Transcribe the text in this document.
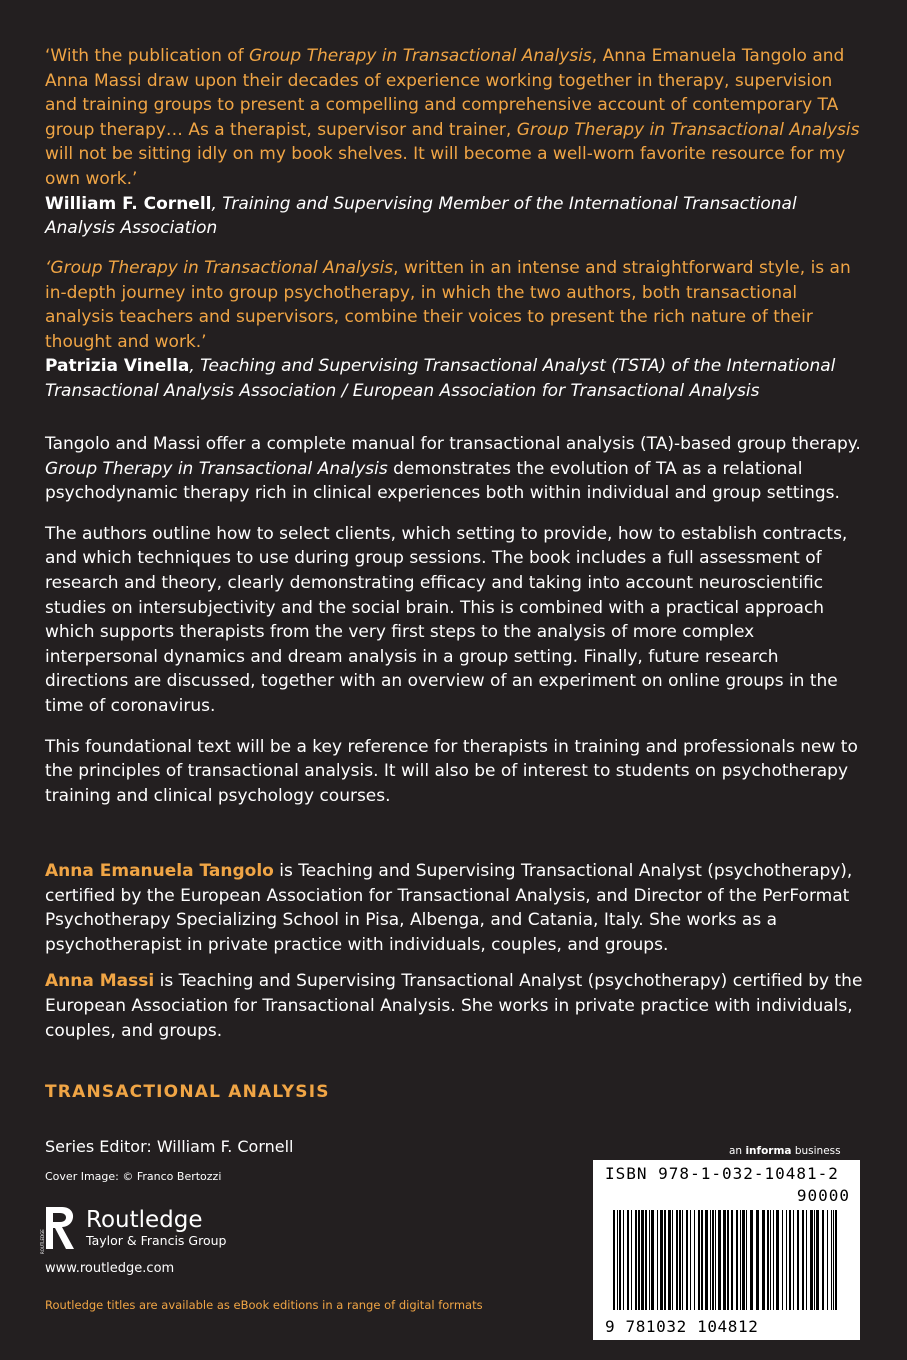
‘With the publication of Group Therapy in Transactional Analysis, Anna Emanuela Tangolo and Anna Massi draw upon their decades of experience working together in therapy, supervision and training groups to present a compelling and comprehensive account of contemporary TA group therapy… As a therapist, supervisor and trainer, Group Therapy in Transactional Analysis will not be sitting idly on my book shelves. It will become a well-worn favorite resource for my own work.’

William F. Cornell, Training and Supervising Member of the International Transactional Analysis Association

‘Group Therapy in Transactional Analysis, written in an intense and straightforward style, is an in-depth journey into group psychotherapy, in which the two authors, both transactional analysis teachers and supervisors, combine their voices to present the rich nature of their thought and work.’

Patrizia Vinella, Teaching and Supervising Transactional Analyst (TSTA) of the International Transactional Analysis Association / European Association for Transactional Analysis

Tangolo and Massi offer a complete manual for transactional analysis (TA)-based group therapy. Group Therapy in Transactional Analysis demonstrates the evolution of TA as a relational psychodynamic therapy rich in clinical experiences both within individual and group settings.

The authors outline how to select clients, which setting to provide, how to establish contracts, and which techniques to use during group sessions. The book includes a full assessment of research and theory, clearly demonstrating efficacy and taking into account neuroscientific studies on intersubjectivity and the social brain. This is combined with a practical approach which supports therapists from the very first steps to the analysis of more complex interpersonal dynamics and dream analysis in a group setting. Finally, future research directions are discussed, together with an overview of an experiment on online groups in the time of coronavirus.

This foundational text will be a key reference for therapists in training and professionals new to the principles of transactional analysis. It will also be of interest to students on psychotherapy training and clinical psychology courses.

Anna Emanuela Tangolo is Teaching and Supervising Transactional Analyst (psychotherapy), certified by the European Association for Transactional Analysis, and Director of the PerFormat Psychotherapy Specializing School in Pisa, Albenga, and Catania, Italy. She works as a psychotherapist in private practice with individuals, couples, and groups.

Anna Massi is Teaching and Supervising Transactional Analyst (psychotherapy) certified by the European Association for Transactional Analysis. She works in private practice with individuals, couples, and groups.

TRANSACTIONAL ANALYSIS

Series Editor: William F. Cornell
Cover Image: © Franco Bertozzi
ROUTLEDGE
Routledge
Taylor & Francis Group
www.routledge.com
Routledge titles are available as eBook editions in a range of digital formats
an informa business
ISBN 978-1-032-10481-2
90000
9 781032 104812
